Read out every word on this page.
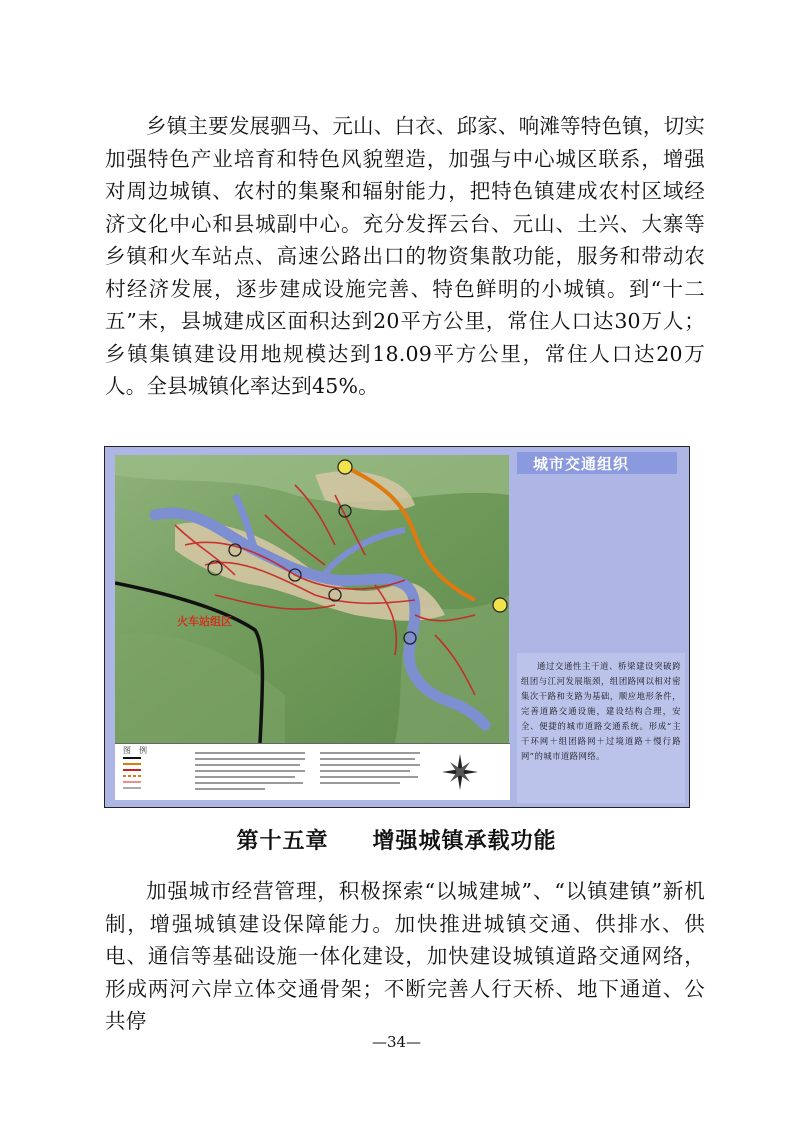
乡镇主要发展驷马、元山、白衣、邱家、响滩等特色镇，切实加强特色产业培育和特色风貌塑造，加强与中心城区联系，增强对周边城镇、农村的集聚和辐射能力，把特色镇建成农村区域经济文化中心和县城副中心。充分发挥云台、元山、土兴、大寨等乡镇和火车站点、高速公路出口的物资集散功能，服务和带动农村经济发展，逐步建成设施完善、特色鲜明的小城镇。到“十二五”末，县城建成区面积达到20平方公里，常住人口达30万人；乡镇集镇建设用地规模达到18.09平方公里，常住人口达20万人。全县城镇化率达到45%。
火车站组区
图　例
城市交通组织
通过交通性主干道、桥梁建设突破跨组团与江河发展瓶颈，组团路网以相对密集次干路和支路为基础，顺应地形条件，完善道路交通设施，建设结构合理，安全、便捷的城市道路交通系统。形成“主干环网＋组团路网＋过境道路＋慢行路网”的城市道路网络。
第十五章 增强城镇承载功能
加强城市经营管理，积极探索“以城建城”、“以镇建镇”新机制，增强城镇建设保障能力。加快推进城镇交通、供排水、供电、通信等基础设施一体化建设，加快建设城镇道路交通网络，形成两河六岸立体交通骨架；不断完善人行天桥、地下通道、公共停
—34—
